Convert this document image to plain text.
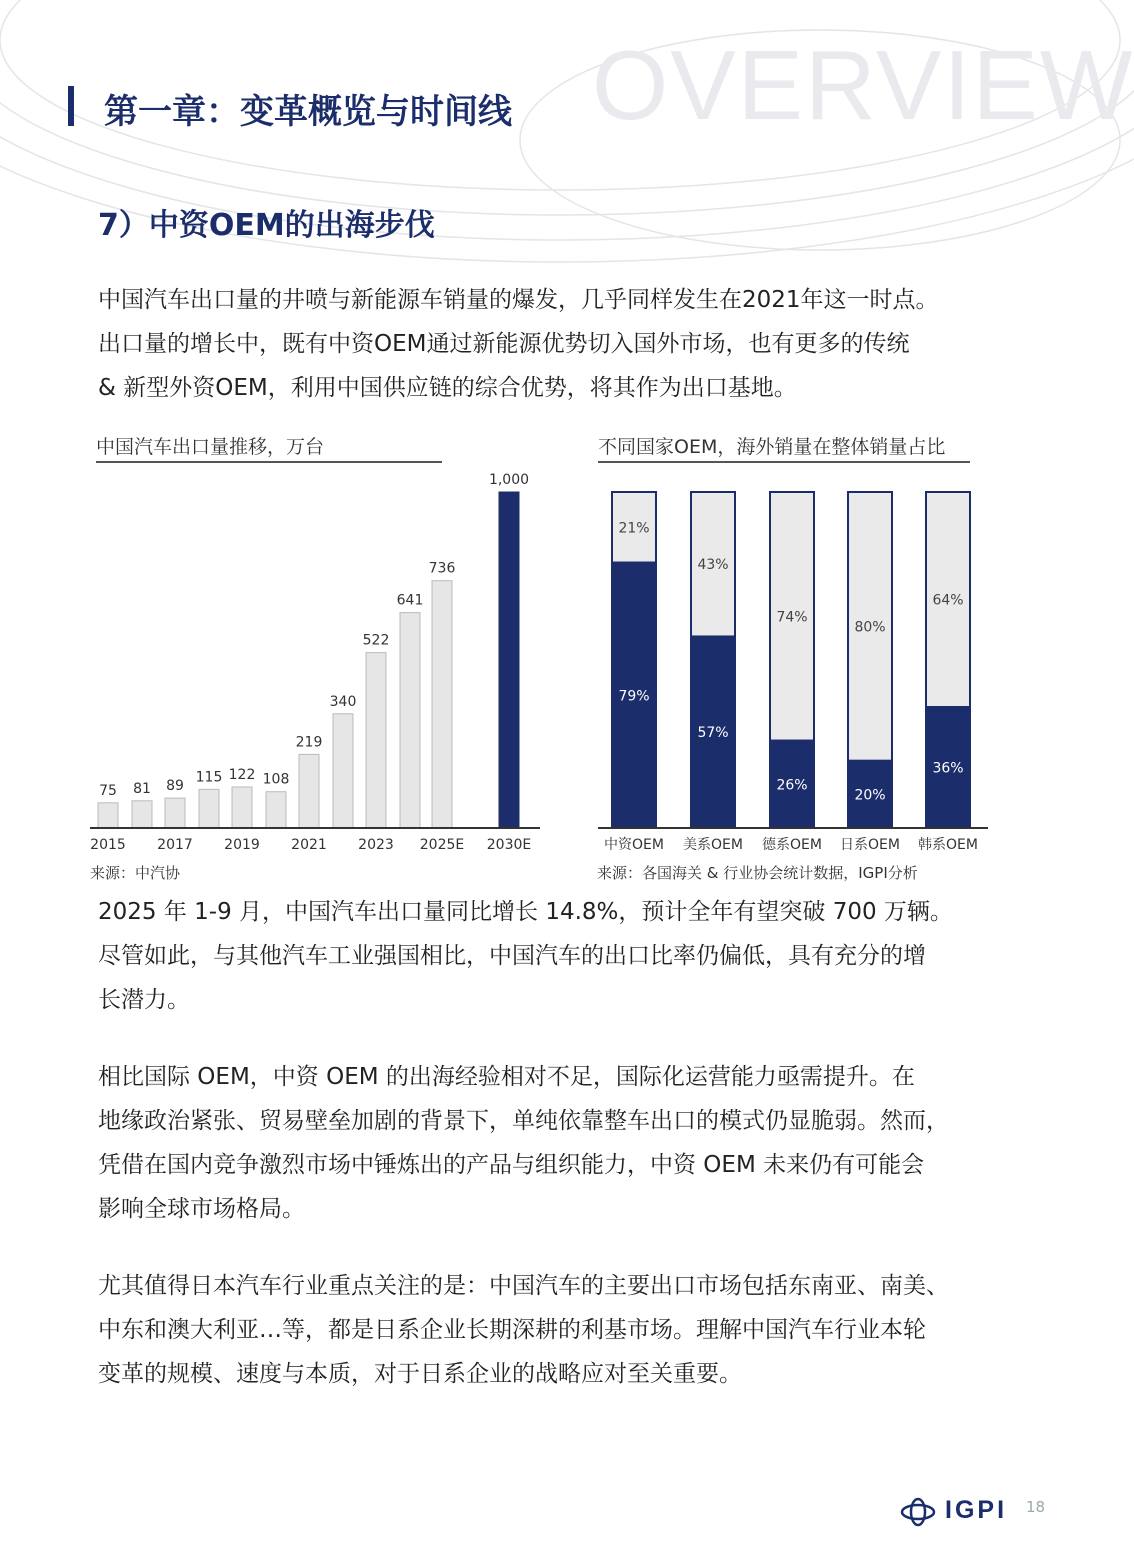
OVERVIEW
第一章：变革概览与时间线
7）中资OEM的出海步伐

中国汽车出口量的井喷与新能源车销量的爆发，几乎同样发生在2021年这一时点。

出口量的增长中，既有中资OEM通过新能源优势切入国外市场，也有更多的传统

& 新型外资OEM，利用中国供应链的综合优势，将其作为出口基地。

中国汽车出口量推移，万台
75 81 89
115 122 108
219
340
522
641
736
1,000
2015 2017 2019 2021 2023 2025E 2030E
来源：中汽协
不同国家OEM，海外销量在整体销量占比
21%
79%
中资OEM
43%
57%
美系OEM
74%
26%
德系OEM
80%
20%
日系OEM
64%
36%
韩系OEM
来源：各国海关 & 行业协会统计数据，IGPI分析

2025 年 1-9 月，中国汽车出口量同比增长 14.8%，预计全年有望突破 700 万辆。

尽管如此，与其他汽车工业强国相比，中国汽车的出口比率仍偏低，具有充分的增

长潜力。

相比国际 OEM，中资 OEM 的出海经验相对不足，国际化运营能力亟需提升。在

地缘政治紧张、贸易壁垒加剧的背景下，单纯依靠整车出口的模式仍显脆弱。然而，

凭借在国内竞争激烈市场中锤炼出的产品与组织能力，中资 OEM 未来仍有可能会

影响全球市场格局。

尤其值得日本汽车行业重点关注的是：中国汽车的主要出口市场包括东南亚、南美、

中东和澳大利亚…等，都是日系企业长期深耕的利基市场。理解中国汽车行业本轮

变革的规模、速度与本质，对于日系企业的战略应对至关重要。

IGPI 18
